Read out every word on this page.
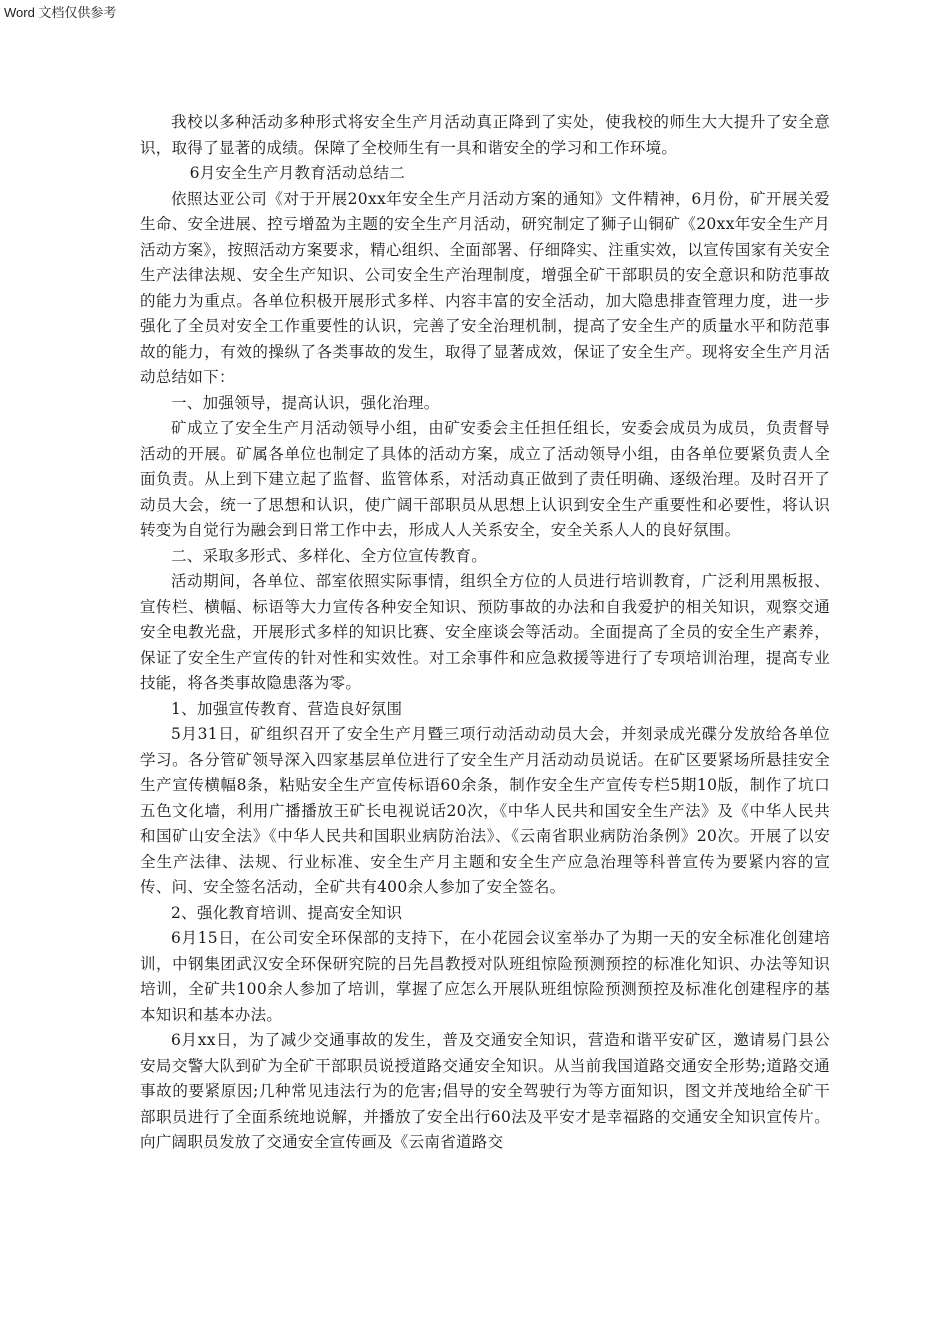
Word 文档仅供参考

我校以多种活动多种形式将安全生产月活动真正降到了实处，使我校的师生大大提升了安全意识，取得了显著的成绩。保障了全校师生有一具和谐安全的学习和工作环境。

6月安全生产月教育活动总结二

依照达亚公司《对于开展20xx年安全生产月活动方案的通知》文件精神，6月份，矿开展关爱生命、安全进展、控亏增盈为主题的安全生产月活动，研究制定了狮子山铜矿《20xx年安全生产月活动方案》，按照活动方案要求，精心组织、全面部署、仔细降实、注重实效，以宣传国家有关安全生产法律法规、安全生产知识、公司安全生产治理制度，增强全矿干部职员的安全意识和防范事故的能力为重点。各单位积极开展形式多样、内容丰富的安全活动，加大隐患排查管理力度，进一步强化了全员对安全工作重要性的认识，完善了安全治理机制，提高了安全生产的质量水平和防范事故的能力，有效的操纵了各类事故的发生，取得了显著成效，保证了安全生产。现将安全生产月活动总结如下：

一、加强领导，提高认识，强化治理。

矿成立了安全生产月活动领导小组，由矿安委会主任担任组长，安委会成员为成员，负责督导活动的开展。矿属各单位也制定了具体的活动方案，成立了活动领导小组，由各单位要紧负责人全面负责。从上到下建立起了监督、监管体系，对活动真正做到了责任明确、逐级治理。及时召开了动员大会，统一了思想和认识，使广阔干部职员从思想上认识到安全生产重要性和必要性，将认识转变为自觉行为融会到日常工作中去，形成人人关系安全，安全关系人人的良好氛围。

二、采取多形式、多样化、全方位宣传教育。

活动期间，各单位、部室依照实际事情，组织全方位的人员进行培训教育，广泛利用黑板报、宣传栏、横幅、标语等大力宣传各种安全知识、预防事故的办法和自我爱护的相关知识，观察交通安全电教光盘，开展形式多样的知识比赛、安全座谈会等活动。全面提高了全员的安全生产素养，保证了安全生产宣传的针对性和实效性。对工余事件和应急救援等进行了专项培训治理，提高专业技能，将各类事故隐患落为零。

1、加强宣传教育、营造良好氛围

5月31日，矿组织召开了安全生产月暨三项行动活动动员大会，并刻录成光碟分发放给各单位学习。各分管矿领导深入四家基层单位进行了安全生产月活动动员说话。在矿区要紧场所悬挂安全生产宣传横幅8条，粘贴安全生产宣传标语60余条，制作安全生产宣传专栏5期10版，制作了坑口五色文化墙，利用广播播放王矿长电视说话20次，《中华人民共和国安全生产法》及《中华人民共和国矿山安全法》《中华人民共和国职业病防治法》、《云南省职业病防治条例》20次。开展了以安全生产法律、法规、行业标准、安全生产月主题和安全生产应急治理等科普宣传为要紧内容的宣传、问、安全签名活动，全矿共有400余人参加了安全签名。

2、强化教育培训、提高安全知识

6月15日，在公司安全环保部的支持下，在小花园会议室举办了为期一天的安全标准化创建培训，中钢集团武汉安全环保研究院的吕先昌教授对队班组惊险预测预控的标准化知识、办法等知识培训，全矿共100余人参加了培训，掌握了应怎么开展队班组惊险预测预控及标准化创建程序的基本知识和基本办法。

6月xx日，为了减少交通事故的发生，普及交通安全知识，营造和谐平安矿区，邀请易门县公安局交警大队到矿为全矿干部职员说授道路交通安全知识。从当前我国道路交通安全形势;道路交通事故的要紧原因;几种常见违法行为的危害;倡导的安全驾驶行为等方面知识，图文并茂地给全矿干部职员进行了全面系统地说解，并播放了安全出行60法及平安才是幸福路的交通安全知识宣传片。向广阔职员发放了交通安全宣传画及《云南省道路交
